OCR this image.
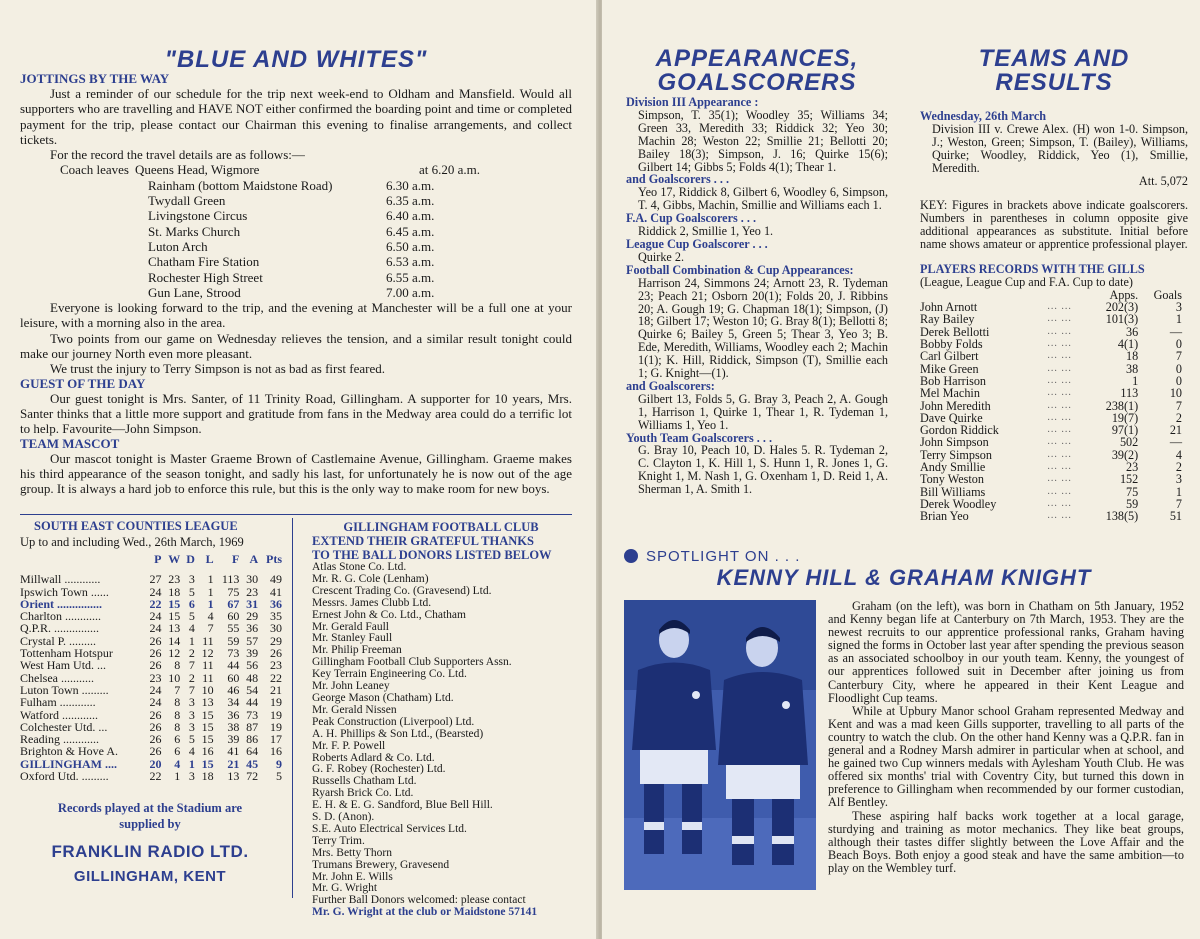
"BLUE AND WHITES"
JOTTINGS BY THE WAY

Just a reminder of our schedule for the trip next week-end to Oldham and Mansfield. Would all supporters who are travelling and HAVE NOT either confirmed the boarding point and time or completed payment for the trip, please contact our Chairman this evening to finalise arrangements, and collect tickets.

For the record the travel details are as follows:—

Coach leaves Queens Head, Wigmore	at 6.20 a.m.
Rainham (bottom Maidstone Road)	6.30 a.m.
Twydall Green	6.35 a.m.
Livingstone Circus	6.40 a.m.
St. Marks Church	6.45 a.m.
Luton Arch	6.50 a.m.
Chatham Fire Station	6.53 a.m.
Rochester High Street	6.55 a.m.
Gun Lane, Strood	7.00 a.m.

Everyone is looking forward to the trip, and the evening at Manchester will be a full one at your leisure, with a morning also in the area.

Two points from our game on Wednesday relieves the tension, and a similar result tonight could make our journey North even more pleasant.

We trust the injury to Terry Simpson is not as bad as first feared.

GUEST OF THE DAY

Our guest tonight is Mrs. Santer, of 11 Trinity Road, Gillingham. A supporter for 10 years, Mrs. Santer thinks that a little more support and gratitude from fans in the Medway area could do a terrific lot to help. Favourite—John Simpson.

TEAM MASCOT

Our mascot tonight is Master Graeme Brown of Castlemaine Avenue, Gillingham. Graeme makes his third appearance of the season tonight, and sadly his last, for unfortunately he is now out of the age group. It is always a hard job to enforce this rule, but this is the only way to make room for new boys.

SOUTH EAST COUNTIES LEAGUE
Up to and including Wed., 26th March, 1969
	P	W	D	L	F	A	Pts
Millwall ............	27	23	3	1	113	30	49
Ipswich Town ......	24	18	5	1	75	23	41
Orient ...............	22	15	6	1	67	31	36
Charlton ............	24	15	5	4	60	29	35
Q.P.R. ...............	24	13	4	7	55	36	30
Crystal P. .........	26	14	1	11	59	57	29
Tottenham Hotspur	26	12	2	12	73	39	26
West Ham Utd. ...	26	8	7	11	44	56	23
Chelsea ...........	23	10	2	11	60	48	22
Luton Town .........	24	7	7	10	46	54	21
Fulham ............	24	8	3	13	34	44	19
Watford ............	26	8	3	15	36	73	19
Colchester Utd. ...	26	8	3	15	38	87	19
Reading ............	26	6	5	15	39	86	17
Brighton & Hove A.	26	6	4	16	41	64	16
GILLINGHAM ....	20	4	1	15	21	45	9
Oxford Utd. .........	22	1	3	18	13	72	5
Records played at the Stadium are
supplied by
FRANKLIN RADIO LTD.
GILLINGHAM, KENT
GILLINGHAM FOOTBALL CLUB
EXTEND THEIR GRATEFUL THANKS
TO THE BALL DONORS LISTED BELOW
Atlas Stone Co. Ltd.
Mr. R. G. Cole (Lenham)
Crescent Trading Co. (Gravesend) Ltd.
Messrs. James Clubb Ltd.
Ernest John & Co. Ltd., Chatham
Mr. Gerald Faull
Mr. Stanley Faull
Mr. Philip Freeman
Gillingham Football Club Supporters Assn.
Key Terrain Engineering Co. Ltd.
Mr. John Leaney
George Mason (Chatham) Ltd.
Mr. Gerald Nissen
Peak Construction (Liverpool) Ltd.
A. H. Phillips & Son Ltd., (Bearsted)
Mr. F. P. Powell
Roberts Adlard & Co. Ltd.
G. F. Robey (Rochester) Ltd.
Russells Chatham Ltd.
Ryarsh Brick Co. Ltd.
E. H. & E. G. Sandford, Blue Bell Hill.
S. D. (Anon).
S.E. Auto Electrical Services Ltd.
Terry Trim.
Mrs. Betty Thorn
Trumans Brewery, Gravesend
Mr. John E. Wills
Mr. G. Wright
Further Ball Donors welcomed: please contact
Mr. G. Wright at the club or Maidstone 57141
APPEARANCES,
GOALSCORERS

Division III Appearance :

Simpson, T. 35(1); Woodley 35; Williams 34; Green 33, Meredith 33; Riddick 32; Yeo 30; Machin 28; Weston 22; Smillie 21; Bellotti 20; Bailey 18(3); Simpson, J. 16; Quirke 15(6); Gilbert 14; Gibbs 5; Folds 4(1); Thear 1.

and Goalscorers . . .

Yeo 17, Riddick 8, Gilbert 6, Woodley 6, Simpson, T. 4, Gibbs, Machin, Smillie and Williams each 1.

F.A. Cup Goalscorers . . .

Riddick 2, Smillie 1, Yeo 1.

League Cup Goalscorer . . .

Quirke 2.

Football Combination & Cup Appearances:

Harrison 24, Simmons 24; Arnott 23, R. Tydeman 23; Peach 21; Osborn 20(1); Folds 20, J. Ribbins 20; A. Gough 19; G. Chapman 18(1); Simpson, (J) 18; Gilbert 17; Weston 10; G. Bray 8(1); Bellotti 8; Quirke 6; Bailey 5, Green 5; Thear 3, Yeo 3; B. Ede, Meredith, Williams, Woodley each 2; Machin 1(1); K. Hill, Riddick, Simpson (T), Smillie each 1; G. Knight—(1).

and Goalscorers:

Gilbert 13, Folds 5, G. Bray 3, Peach 2, A. Gough 1, Harrison 1, Quirke 1, Thear 1, R. Tydeman 1, Williams 1, Yeo 1.

Youth Team Goalscorers . . .

G. Bray 10, Peach 10, D. Hales 5. R. Tydeman 2, C. Clayton 1, K. Hill 1, S. Hunn 1, R. Jones 1, G. Knight 1, M. Nash 1, G. Oxenham 1, D. Reid 1, A. Sherman 1, A. Smith 1.

TEAMS AND
RESULTS

Wednesday, 26th March

Division III v. Crewe Alex. (H) won 1-0. Simpson, J.; Weston, Green; Simpson, T. (Bailey), Williams, Quirke; Woodley, Riddick, Yeo (1), Smillie, Meredith.

Att. 5,072

KEY: Figures in brackets above indicate goalscorers. Numbers in parentheses in column opposite give additional appearances as substitute. Initial before name shows amateur or apprentice professional player.

PLAYERS RECORDS WITH THE GILLS

(League, League Cup and F.A. Cup to date)

		Apps.	Goals
John Arnott	... ...	202(3)	3
Ray Bailey	... ...	101(3)	1
Derek Bellotti	... ...	36	—
Bobby Folds	... ...	4(1)	0
Carl Gilbert	... ...	18	7
Mike Green	... ...	38	0
Bob Harrison	... ...	1	0
Mel Machin	... ...	113	10
John Meredith	... ...	238(1)	7
Dave Quirke	... ...	19(7)	2
Gordon Riddick	... ...	97(1)	21
John Simpson	... ...	502	—
Terry Simpson	... ...	39(2)	4
Andy Smillie	... ...	23	2
Tony Weston	... ...	152	3
Bill Williams	... ...	75	1
Derek Woodley	... ...	59	7
Brian Yeo	... ...	138(5)	51
SPOTLIGHT ON . . .
KENNY HILL & GRAHAM KNIGHT

Graham (on the left), was born in Chatham on 5th January, 1952 and Kenny began life at Canterbury on 7th March, 1953. They are the newest recruits to our apprentice professional ranks, Graham having signed the forms in October last year after spending the previous season as an associated schoolboy in our youth team. Kenny, the youngest of our apprentices followed suit in December after joining us from Canterbury City, where he appeared in their Kent League and Floodlight Cup teams.

While at Upbury Manor school Graham represented Medway and Kent and was a mad keen Gills supporter, travelling to all parts of the country to watch the club. On the other hand Kenny was a Q.P.R. fan in general and a Rodney Marsh admirer in particular when at school, and he gained two Cup winners medals with Aylesham Youth Club. He was offered six months' trial with Coventry City, but turned this down in preference to Gillingham when recommended by our former custodian, Alf Bentley.

These aspiring half backs work together at a local garage, sturdying and training as motor mechanics. They like beat groups, although their tastes differ slightly between the Love Affair and the Beach Boys. Both enjoy a good steak and have the same ambition—to play on the Wembley turf.
